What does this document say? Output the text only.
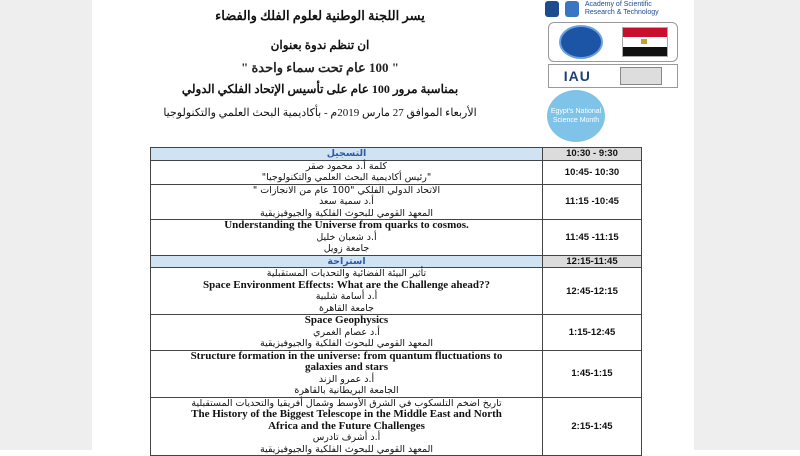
يسر اللجنة الوطنية لعلوم الفلك والفضاء
ان تنظم ندوة بعنوان
" 100 عام تحت سماء واحدة "
بمناسبة مرور 100 عام على تأسيس الإتحاد الفلكي الدولي
الأربعاء الموافق 27 مارس 2019م - بأكاديمية البحث العلمي والتكنولوجيا
Academy of Scientific Research & Technology
IAU
Egypt's National Science Month
التسجيل	10:30 - 9:30

كلمة أ.د محمود صقر
"رئيس أكاديمية البحث العلمي والتكنولوجيا"	10:45- 10:30

الاتحاد الدولي الفلكي "100 عام من الانجازات "
أ.د سمية سعد
المعهد القومي للبحوث الفلكية والجيوفيزيقية	11:15 -10:45

Understanding the Universe from quarks to cosmos.
أ.د شعبان خليل
جامعة زويل	11:45 -11:15

استراحة	12:15-11:45

تأثير البيئة الفضائية والتحديات المستقبلية
Space Environment Effects: What are the Challenge ahead??
أ.د أسامة شلبية
جامعة القاهرة	12:45-12:15

Space Geophysics
أ.د عصام الغمري
المعهد القومي للبحوث الفلكية والجيوفيزيقية	1:15-12:45

Structure formation in the universe: from quantum fluctuations to
galaxies and stars
أ.د عمرو الزند
الجامعة البريطانية بالقاهرة	1:45-1:15

تاريخ اضخم التلسكوب في الشرق الأوسط وشمال أفريقيا والتحديات المستقبلية
The History of the Biggest Telescope in the Middle East and North
Africa and the Future Challenges
أ.د أشرف تادرس
المعهد القومي للبحوث الفلكية والجيوفيزيقية	2:15-1:45
